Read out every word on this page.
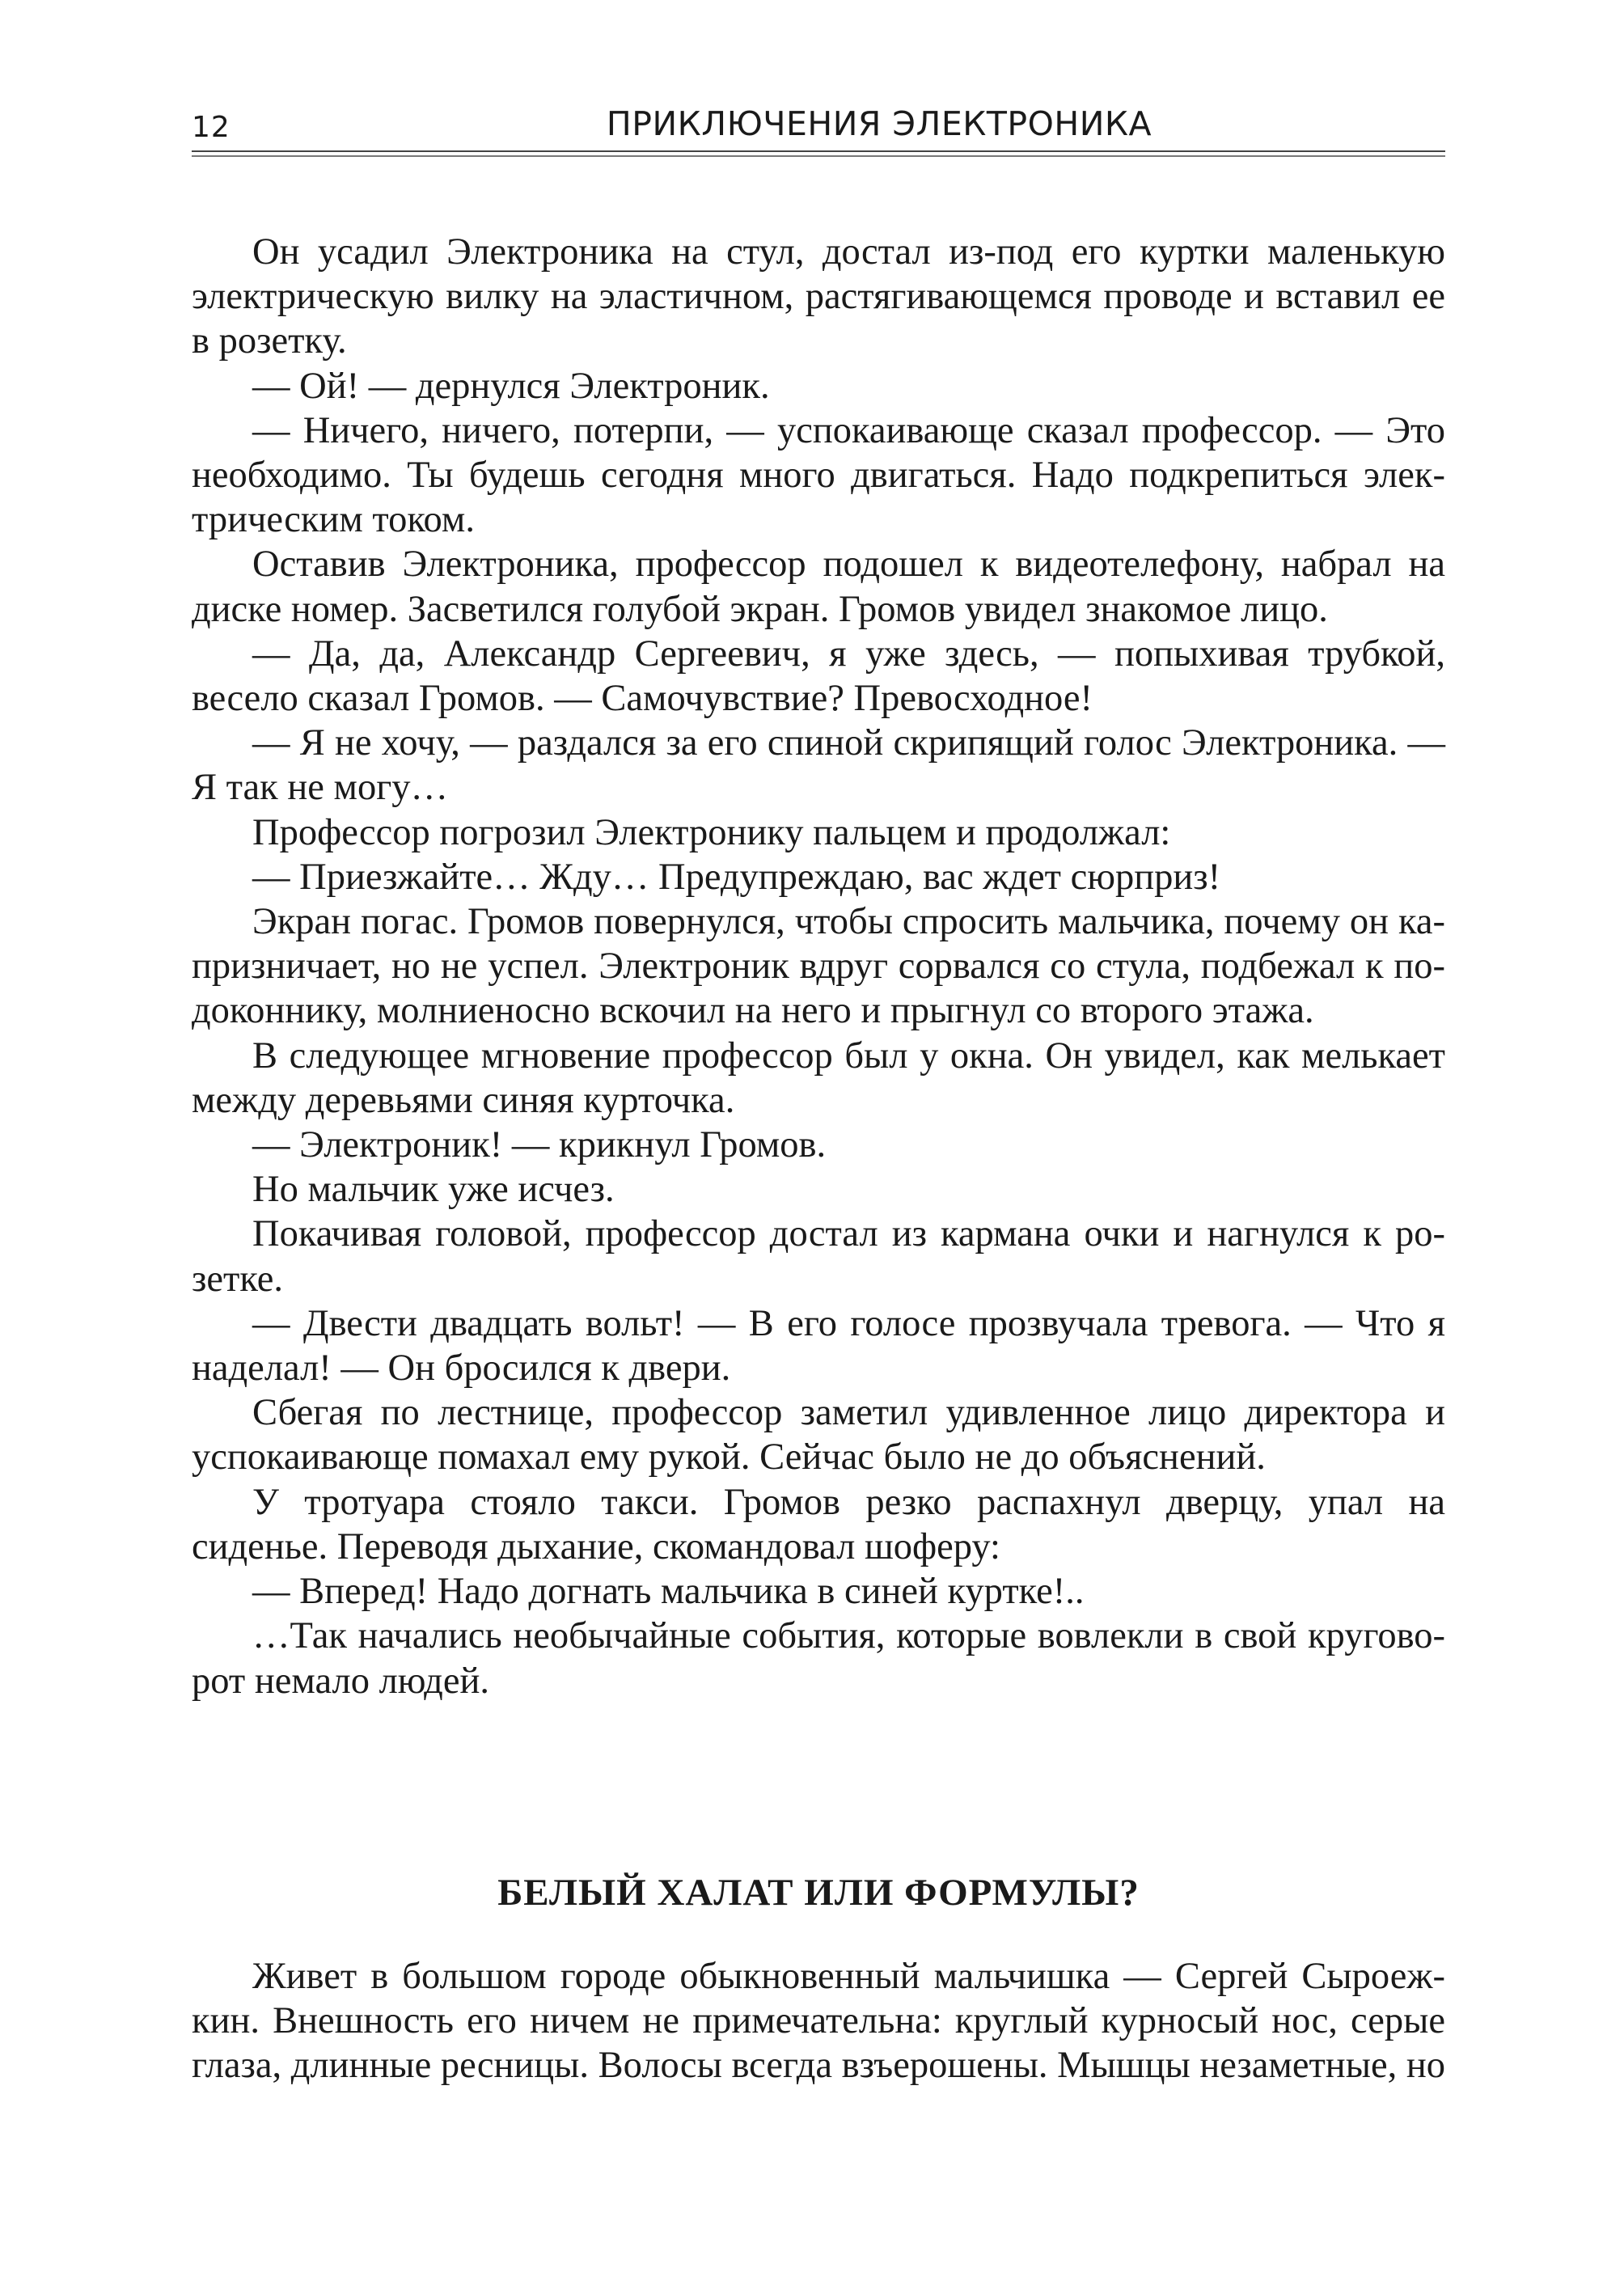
12	ПРИКЛЮЧЕНИЯ ЭЛЕКТРОНИКА

Он усадил Электроника на стул, достал из-под его куртки маленькую электрическую вилку на эластичном, растягивающемся проводе и вставил ее в розетку.

— Ой! — дернулся Электроник.

— Ничего, ничего, потерпи, — успокаивающе сказал профессор. — Это необходимо. Ты будешь сегодня много двигаться. Надо подкрепиться электрическим током.

Оставив Электроника, профессор подошел к видеотелефону, набрал на диске номер. Засветился голубой экран. Громов увидел знакомое лицо.

— Да, да, Александр Сергеевич, я уже здесь, — попыхивая трубкой, весело сказал Громов. — Самочувствие? Превосходное!

— Я не хочу, — раздался за его спиной скрипящий голос Электроника. — Я так не могу…

Профессор погрозил Электронику пальцем и продолжал:

— Приезжайте… Жду… Предупреждаю, вас ждет сюрприз!

Экран погас. Громов повернулся, чтобы спросить мальчика, почему он капризничает, но не успел. Электроник вдруг сорвался со стула, подбежал к подоконнику, молниеносно вскочил на него и прыгнул со второго этажа.

В следующее мгновение профессор был у окна. Он увидел, как мелькает между деревьями синяя курточка.

— Электроник! — крикнул Громов.

Но мальчик уже исчез.

Покачивая головой, профессор достал из кармана очки и нагнулся к розетке.

— Двести двадцать вольт! — В его голосе прозвучала тревога. — Что я наделал! — Он бросился к двери.

Сбегая по лестнице, профессор заметил удивленное лицо директора и успокаивающе помахал ему рукой. Сейчас было не до объяснений.

У тротуара стояло такси. Громов резко распахнул дверцу, упал на сиденье. Переводя дыхание, скомандовал шоферу:

— Вперед! Надо догнать мальчика в синей куртке!..

…Так начались необычайные события, которые вовлекли в свой круговорот немало людей.

БЕЛЫЙ ХАЛАТ ИЛИ ФОРМУЛЫ?

Живет в большом городе обыкновенный мальчишка — Сергей Сыроежкин. Внешность его ничем не примечательна: круглый курносый нос, серые глаза, длинные ресницы. Волосы всегда взъерошены. Мышцы незаметные, но
